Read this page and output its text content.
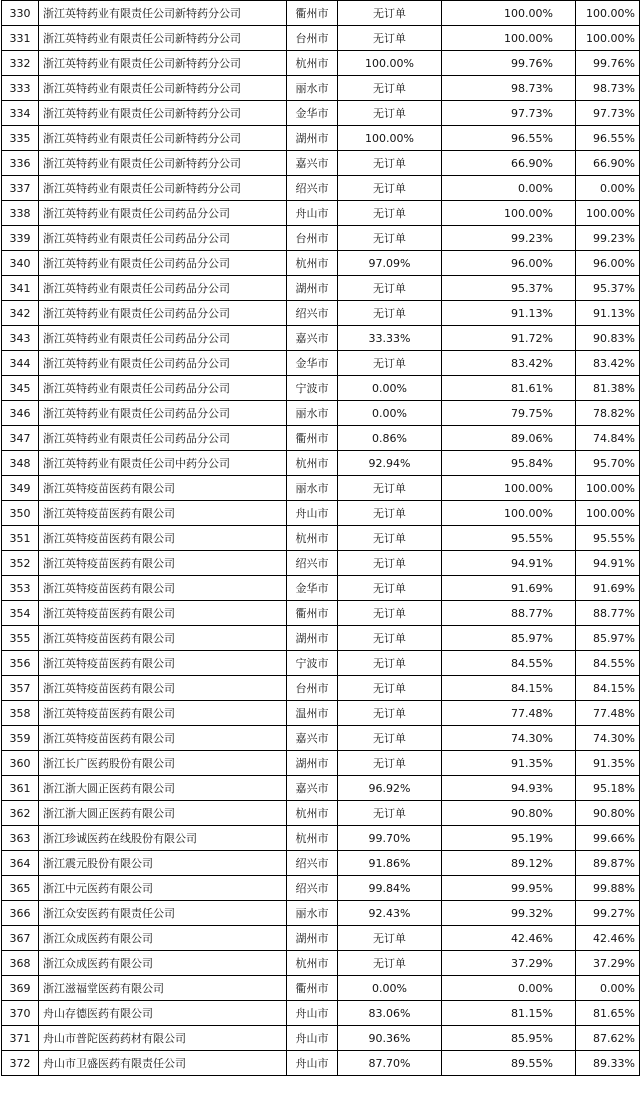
330	浙江英特药业有限责任公司新特药分公司	衢州市	无订单	100.00%	100.00%
331	浙江英特药业有限责任公司新特药分公司	台州市	无订单	100.00%	100.00%
332	浙江英特药业有限责任公司新特药分公司	杭州市	100.00%	99.76%	99.76%
333	浙江英特药业有限责任公司新特药分公司	丽水市	无订单	98.73%	98.73%
334	浙江英特药业有限责任公司新特药分公司	金华市	无订单	97.73%	97.73%
335	浙江英特药业有限责任公司新特药分公司	湖州市	100.00%	96.55%	96.55%
336	浙江英特药业有限责任公司新特药分公司	嘉兴市	无订单	66.90%	66.90%
337	浙江英特药业有限责任公司新特药分公司	绍兴市	无订单	0.00%	0.00%
338	浙江英特药业有限责任公司药品分公司	舟山市	无订单	100.00%	100.00%
339	浙江英特药业有限责任公司药品分公司	台州市	无订单	99.23%	99.23%
340	浙江英特药业有限责任公司药品分公司	杭州市	97.09%	96.00%	96.00%
341	浙江英特药业有限责任公司药品分公司	湖州市	无订单	95.37%	95.37%
342	浙江英特药业有限责任公司药品分公司	绍兴市	无订单	91.13%	91.13%
343	浙江英特药业有限责任公司药品分公司	嘉兴市	33.33%	91.72%	90.83%
344	浙江英特药业有限责任公司药品分公司	金华市	无订单	83.42%	83.42%
345	浙江英特药业有限责任公司药品分公司	宁波市	0.00%	81.61%	81.38%
346	浙江英特药业有限责任公司药品分公司	丽水市	0.00%	79.75%	78.82%
347	浙江英特药业有限责任公司药品分公司	衢州市	0.86%	89.06%	74.84%
348	浙江英特药业有限责任公司中药分公司	杭州市	92.94%	95.84%	95.70%
349	浙江英特疫苗医药有限公司	丽水市	无订单	100.00%	100.00%
350	浙江英特疫苗医药有限公司	舟山市	无订单	100.00%	100.00%
351	浙江英特疫苗医药有限公司	杭州市	无订单	95.55%	95.55%
352	浙江英特疫苗医药有限公司	绍兴市	无订单	94.91%	94.91%
353	浙江英特疫苗医药有限公司	金华市	无订单	91.69%	91.69%
354	浙江英特疫苗医药有限公司	衢州市	无订单	88.77%	88.77%
355	浙江英特疫苗医药有限公司	湖州市	无订单	85.97%	85.97%
356	浙江英特疫苗医药有限公司	宁波市	无订单	84.55%	84.55%
357	浙江英特疫苗医药有限公司	台州市	无订单	84.15%	84.15%
358	浙江英特疫苗医药有限公司	温州市	无订单	77.48%	77.48%
359	浙江英特疫苗医药有限公司	嘉兴市	无订单	74.30%	74.30%
360	浙江长广医药股份有限公司	湖州市	无订单	91.35%	91.35%
361	浙江浙大圆正医药有限公司	嘉兴市	96.92%	94.93%	95.18%
362	浙江浙大圆正医药有限公司	杭州市	无订单	90.80%	90.80%
363	浙江珍诚医药在线股份有限公司	杭州市	99.70%	95.19%	99.66%
364	浙江震元股份有限公司	绍兴市	91.86%	89.12%	89.87%
365	浙江中元医药有限公司	绍兴市	99.84%	99.95%	99.88%
366	浙江众安医药有限责任公司	丽水市	92.43%	99.32%	99.27%
367	浙江众成医药有限公司	湖州市	无订单	42.46%	42.46%
368	浙江众成医药有限公司	杭州市	无订单	37.29%	37.29%
369	浙江滋福堂医药有限公司	衢州市	0.00%	0.00%	0.00%
370	舟山存德医药有限公司	舟山市	83.06%	81.15%	81.65%
371	舟山市普陀医药药材有限公司	舟山市	90.36%	85.95%	87.62%
372	舟山市卫盛医药有限责任公司	舟山市	87.70%	89.55%	89.33%
